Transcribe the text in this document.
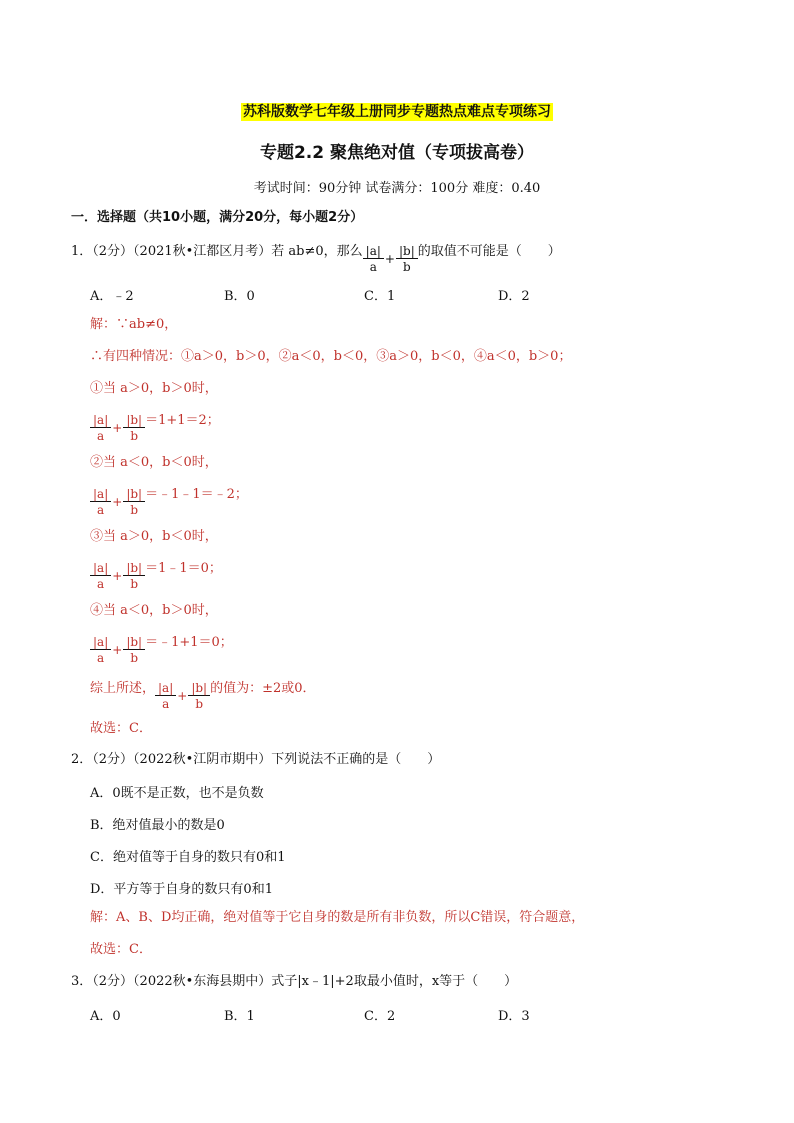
苏科版数学七年级上册同步专题热点难点专项练习
专题2.2 聚焦绝对值（专项拔高卷）
考试时间：90分钟 试卷满分：100分 难度：0.40
一．选择题（共10小题，满分20分，每小题2分）
1．（2分）（2021秋•江都区月考）若 ab≠0，那么 $\frac{|a|}{a} + \frac{|b|}{b}$ 的取值不可能是（　　）
A．﹣2	B．0	C．1	D．2
解：∵ab≠0，
∴有四种情况：①a＞0，b＞0，②a＜0，b＜0，③a＞0，b＜0，④a＜0，b＞0；
①当 a＞0，b＞0时，
$\frac{|a|}{a} + \frac{|b|}{b} =1+1=2$；
②当 a＜0，b＜0时，
$\frac{|a|}{a} + \frac{|b|}{b}$ ＝﹣1﹣1＝﹣2；
③当 a＞0，b＜0时，
$\frac{|a|}{a} + \frac{|b|}{b}$ ＝1﹣1＝0；
④当 a＜0，b＞0时，
$\frac{|a|}{a} + \frac{|b|}{b}$ ＝﹣1+1＝0；
综上所述， $\frac{|a|}{a} + \frac{|b|}{b}$ 的值为：±2或0．
故选：C．
2．（2分）（2022秋•江阴市期中）下列说法不正确的是（　　）
A．0既不是正数，也不是负数
B．绝对值最小的数是0
C．绝对值等于自身的数只有0和1
D．平方等于自身的数只有0和1
解：A、B、D均正确，绝对值等于它自身的数是所有非负数，所以C错误，符合题意，
故选：C．
3．（2分）（2022秋•东海县期中）式子|x﹣1|+2取最小值时，x等于（　　）
A．0	B．1	C．2	D．3
